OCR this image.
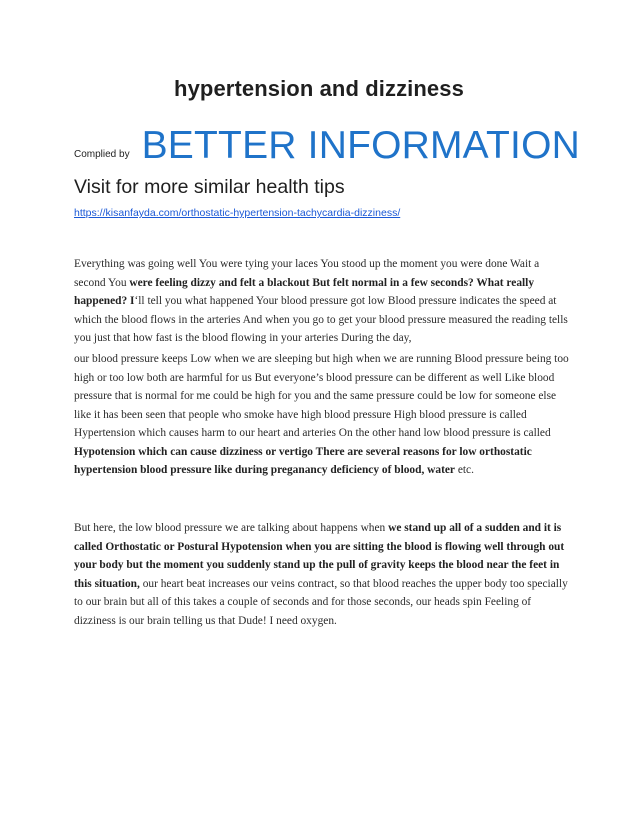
hypertension and dizziness
Complied by BETTER INFORMATION
Visit for more similar health tips
https://kisanfayda.com/orthostatic-hypertension-tachycardia-dizziness/

Everything was going well You were tying your laces You stood up the moment you were done Wait a second You were feeling dizzy and felt a blackout But felt normal in a few seconds? What really happened? I‘ll tell you what happened Your blood pressure got low Blood pressure indicates the speed at which the blood flows in the arteries And when you go to get your blood pressure measured the reading tells you just that how fast is the blood flowing in your arteries During the day,

our blood pressure keeps Low when we are sleeping but high when we are running Blood pressure being too high or too low both are harmful for us But everyone’s blood pressure can be different as well Like blood pressure that is normal for me could be high for you and the same pressure could be low for someone else like it has been seen that people who smoke have high blood pressure High blood pressure is called Hypertension which causes harm to our heart and arteries On the other hand low blood pressure is called Hypotension which can cause dizziness or vertigo There are several reasons for low orthostatic hypertension blood pressure like during preganancy deficiency of blood, water etc.

But here, the low blood pressure we are talking about happens when we stand up all of a sudden and it is called Orthostatic or Postural Hypotension when you are sitting the blood is flowing well through out your body but the moment you suddenly stand up the pull of gravity keeps the blood near the feet in this situation, our heart beat increases our veins contract, so that blood reaches the upper body too specially to our brain but all of this takes a couple of seconds and for those seconds, our heads spin Feeling of dizziness is our brain telling us that Dude! I need oxygen.
